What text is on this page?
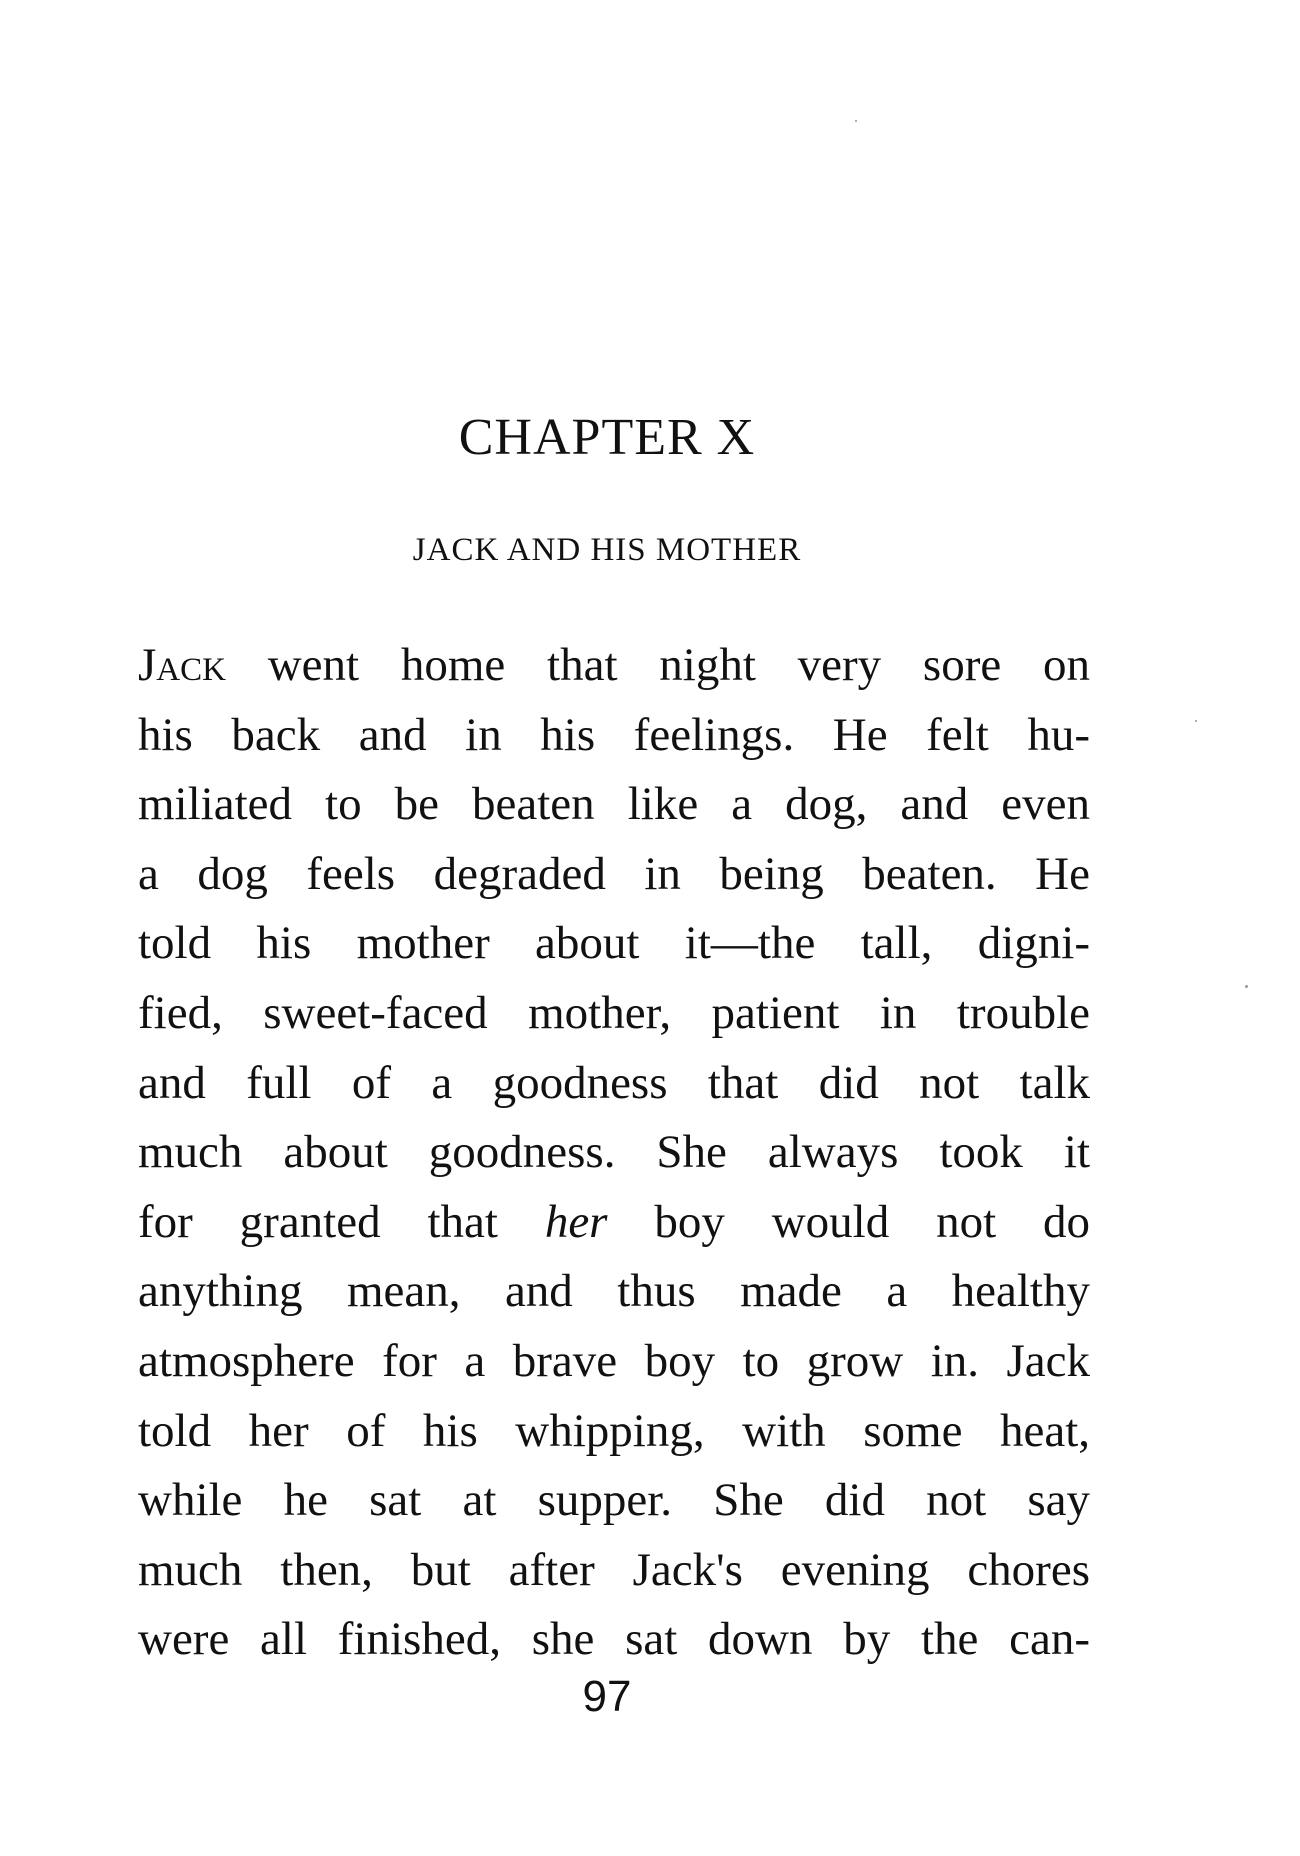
CHAPTER X
JACK AND HIS MOTHER
Jack went home that night very sore on
his back and in his feelings. He felt hu-
miliated to be beaten like a dog, and even
a dog feels degraded in being beaten. He
told his mother about it—the tall, digni-
fied, sweet-faced mother, patient in trouble
and full of a goodness that did not talk
much about goodness. She always took it
for granted that her boy would not do
anything mean, and thus made a healthy
atmosphere for a brave boy to grow in. Jack
told her of his whipping, with some heat,
while he sat at supper. She did not say
much then, but after Jack's evening chores
were all finished, she sat down by the can-
97
